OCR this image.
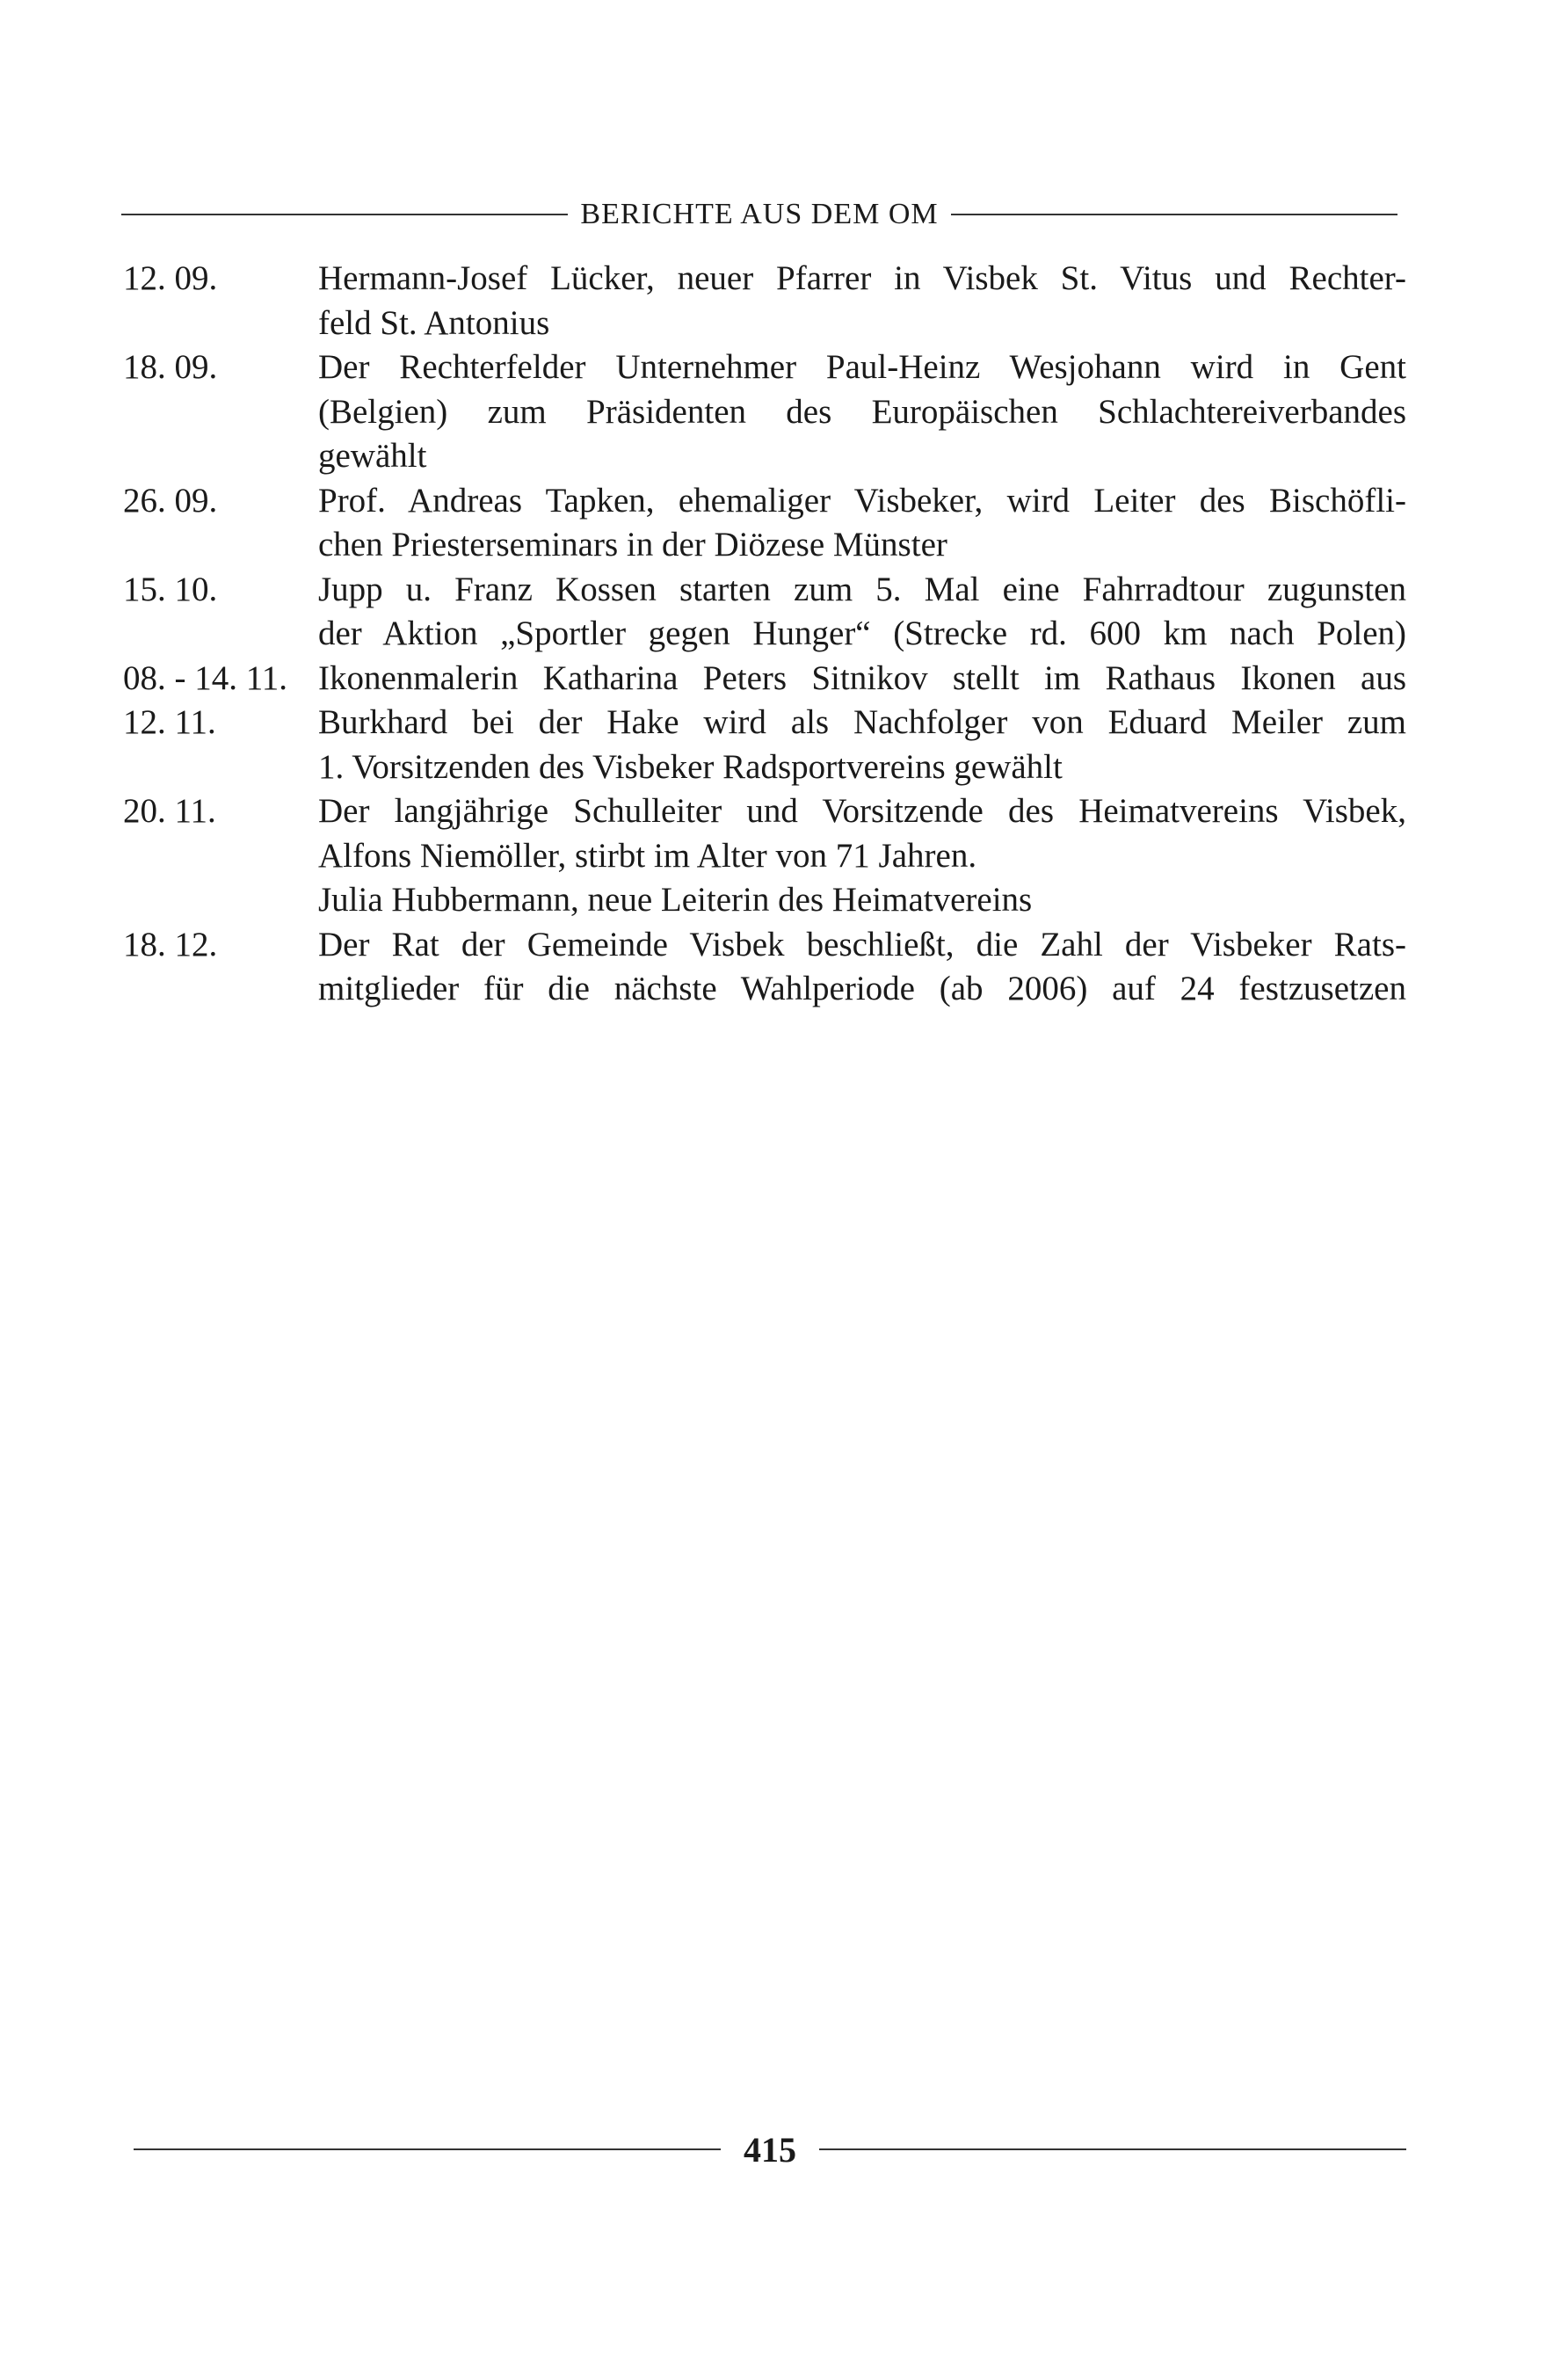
BERICHTE AUS DEM OM
12. 09.	Hermann-Josef Lücker, neuer Pfarrer in Visbek St. Vitus und Rechter-
feld St. Antonius
18. 09.	Der Rechterfelder Unternehmer Paul-Heinz Wesjohann wird in Gent
(Belgien) zum Präsidenten des Europäischen Schlachtereiverbandes
gewählt
26. 09.	Prof. Andreas Tapken, ehemaliger Visbeker, wird Leiter des Bischöfli-
chen Priesterseminars in der Diözese Münster
15. 10.	Jupp u. Franz Kossen starten zum 5. Mal eine Fahrradtour zugunsten
der Aktion „Sportler gegen Hunger“ (Strecke rd. 600 km nach Polen)
08. - 14. 11. Ikonenmalerin Katharina Peters Sitnikov stellt im Rathaus Ikonen aus
12. 11.	Burkhard bei der Hake wird als Nachfolger von Eduard Meiler zum
1. Vorsitzenden des Visbeker Radsportvereins gewählt
20. 11.	Der langjährige Schulleiter und Vorsitzende des Heimatvereins Visbek,
Alfons Niemöller, stirbt im Alter von 71 Jahren.
Julia Hubbermann, neue Leiterin des Heimatvereins
18. 12.	Der Rat der Gemeinde Visbek beschließt, die Zahl der Visbeker Rats-
mitglieder für die nächste Wahlperiode (ab 2006) auf 24 festzusetzen
415
